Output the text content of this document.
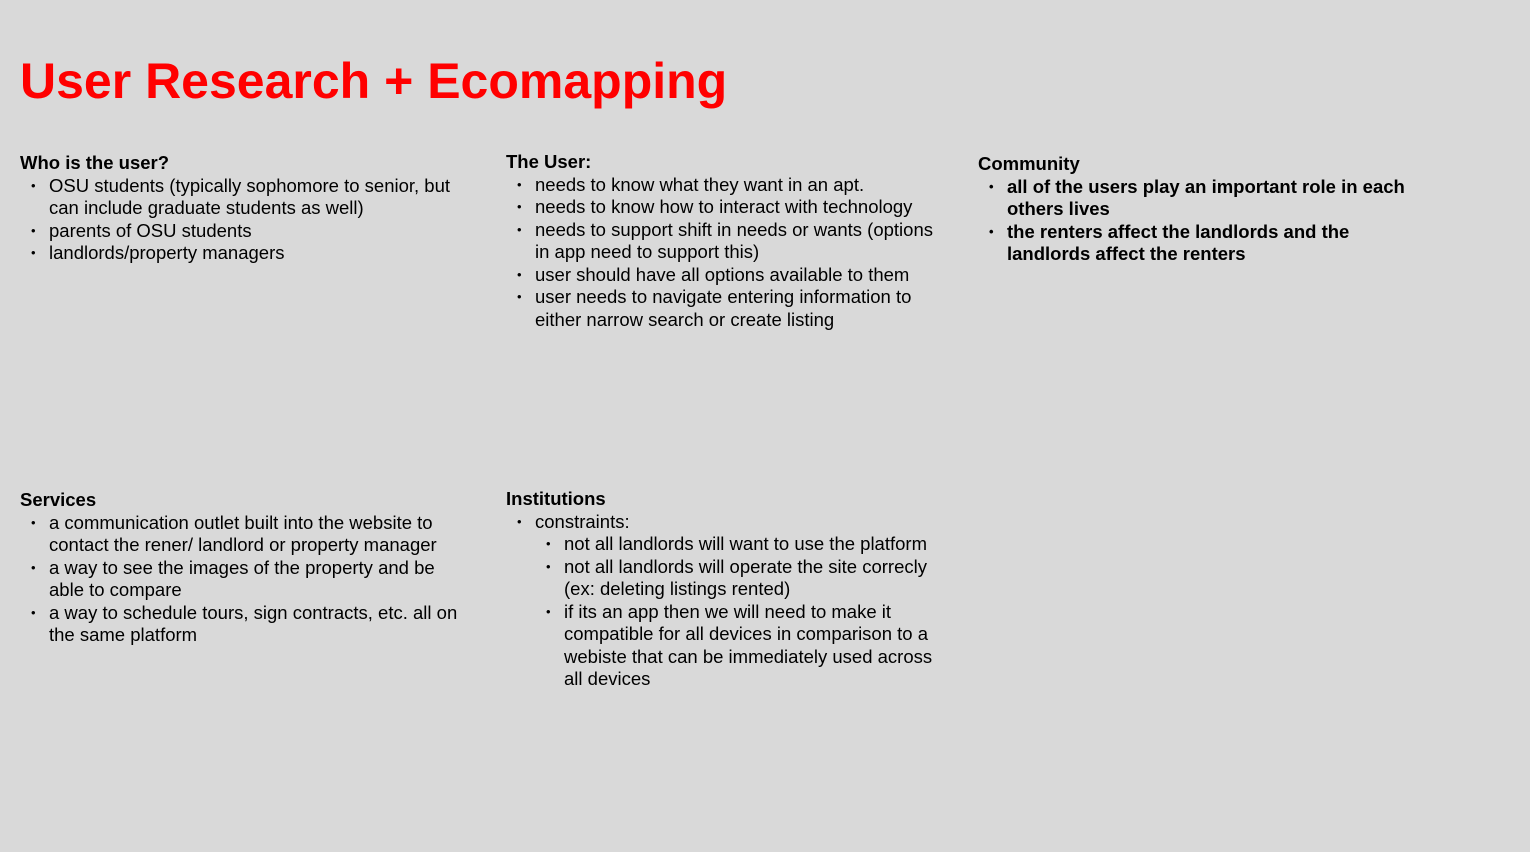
User Research + Ecomapping
Who is the user?
• OSU students (typically sophomore to senior, but can include graduate students as well)
• parents of OSU students
• landlords/property managers
The User:
• needs to know what they want in an apt.
• needs to know how to interact with technology
• needs to support shift in needs or wants (options in app need to support this)
• user should have all options available to them
• user needs to navigate entering information to either narrow search or create listing
Community
• all of the users play an important role in each others lives
• the renters affect the landlords and the landlords affect the renters
Services
• a communication outlet built into the website to contact the rener/ landlord or property manager
• a way to see the images of the property and be able to compare
• a way to schedule tours, sign contracts, etc. all on the same platform
Institutions
• constraints:
• not all landlords will want to use the platform
• not all landlords will operate the site correcly (ex: deleting listings rented)
• if its an app then we will need to make it compatible for all devices in comparison to a webiste that can be immediately used across all devices
